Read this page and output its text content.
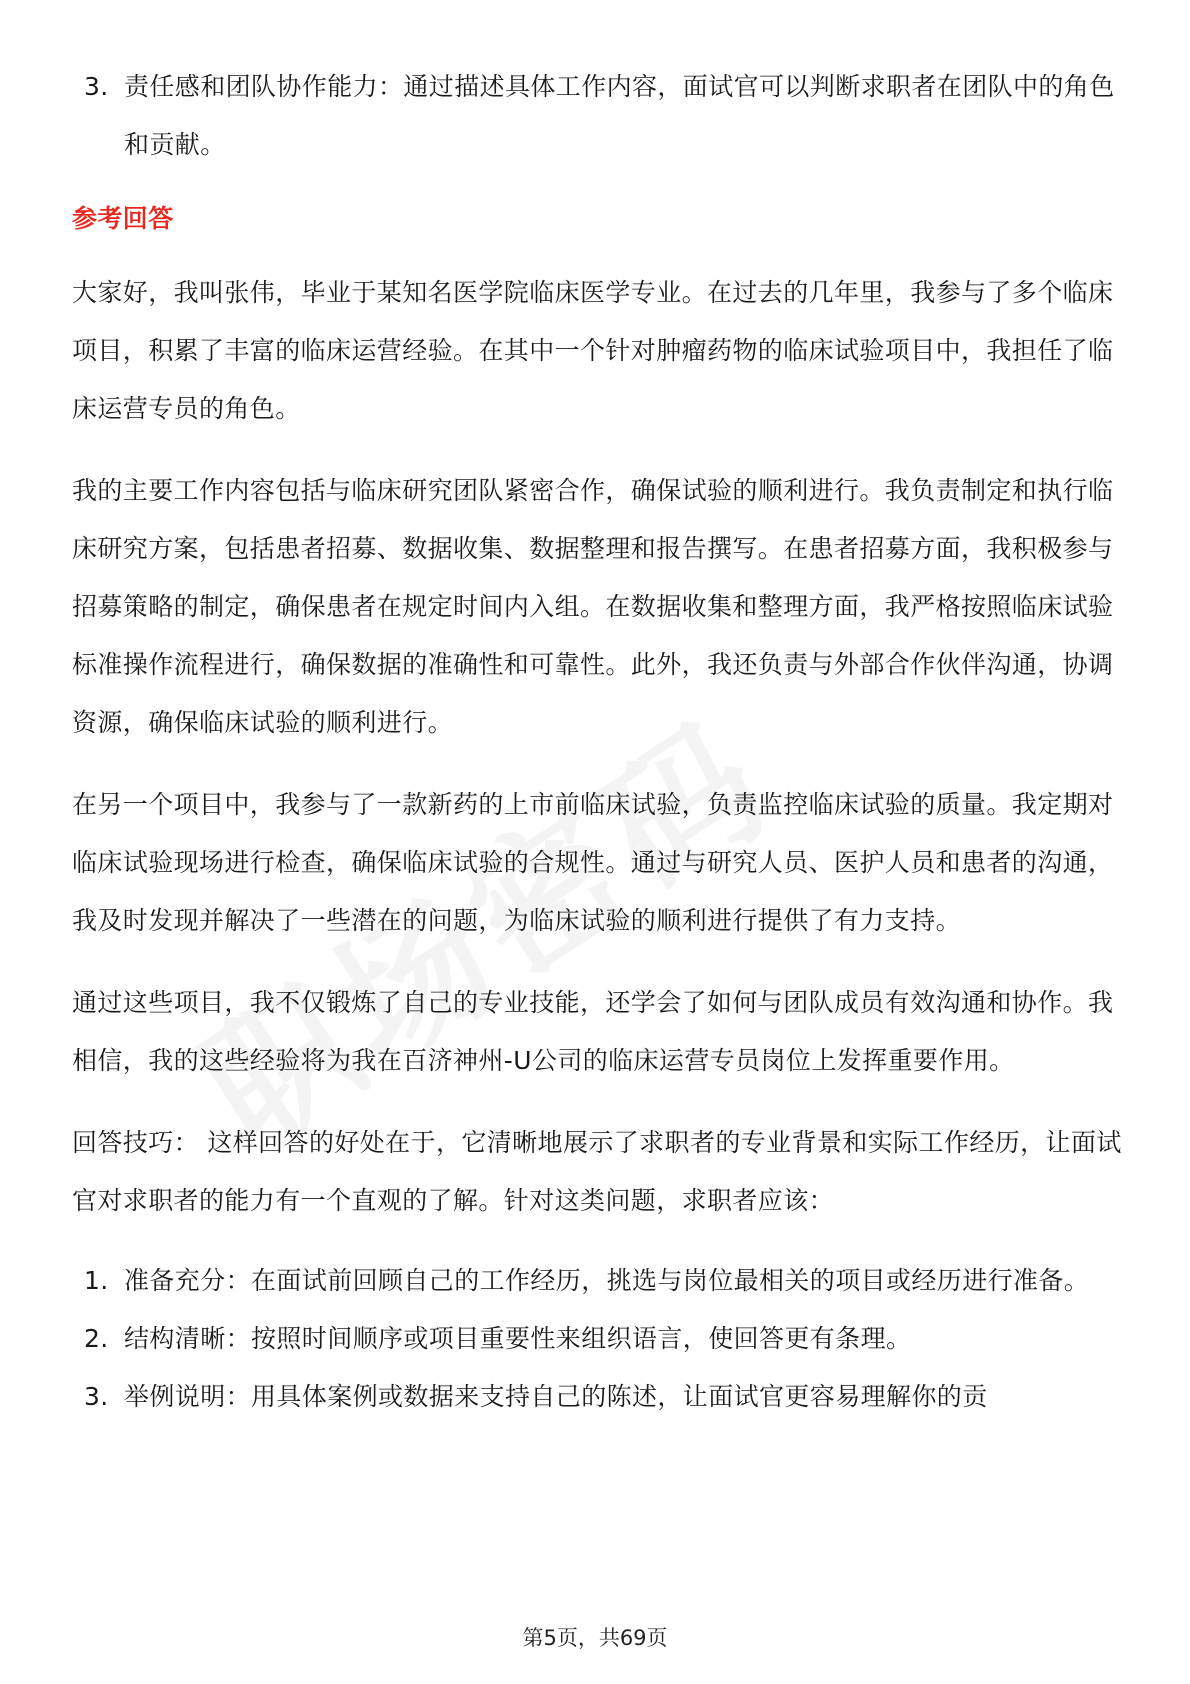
3. 责任感和团队协作能力：通过描述具体工作内容，面试官可以判断求职者在团队中的角色和贡献。
参考回答

大家好，我叫张伟，毕业于某知名医学院临床医学专业。在过去的几年里，我参与了多个临床项目，积累了丰富的临床运营经验。在其中一个针对肿瘤药物的临床试验项目中，我担任了临床运营专员的角色。

我的主要工作内容包括与临床研究团队紧密合作，确保试验的顺利进行。我负责制定和执行临床研究方案，包括患者招募、数据收集、数据整理和报告撰写。在患者招募方面，我积极参与招募策略的制定，确保患者在规定时间内入组。在数据收集和整理方面，我严格按照临床试验标准操作流程进行，确保数据的准确性和可靠性。此外，我还负责与外部合作伙伴沟通，协调资源，确保临床试验的顺利进行。

在另一个项目中，我参与了一款新药的上市前临床试验，负责监控临床试验的质量。我定期对临床试验现场进行检查，确保临床试验的合规性。通过与研究人员、医护人员和患者的沟通，我及时发现并解决了一些潜在的问题，为临床试验的顺利进行提供了有力支持。

通过这些项目，我不仅锻炼了自己的专业技能，还学会了如何与团队成员有效沟通和协作。我相信，我的这些经验将为我在百济神州-U公司的临床运营专员岗位上发挥重要作用。

回答技巧： 这样回答的好处在于，它清晰地展示了求职者的专业背景和实际工作经历，让面试官对求职者的能力有一个直观的了解。针对这类问题，求职者应该：

1. 准备充分：在面试前回顾自己的工作经历，挑选与岗位最相关的项目或经历进行准备。
2. 结构清晰：按照时间顺序或项目重要性来组织语言，使回答更有条理。
3. 举例说明：用具体案例或数据来支持自己的陈述，让面试官更容易理解你的贡
第5页，共69页
